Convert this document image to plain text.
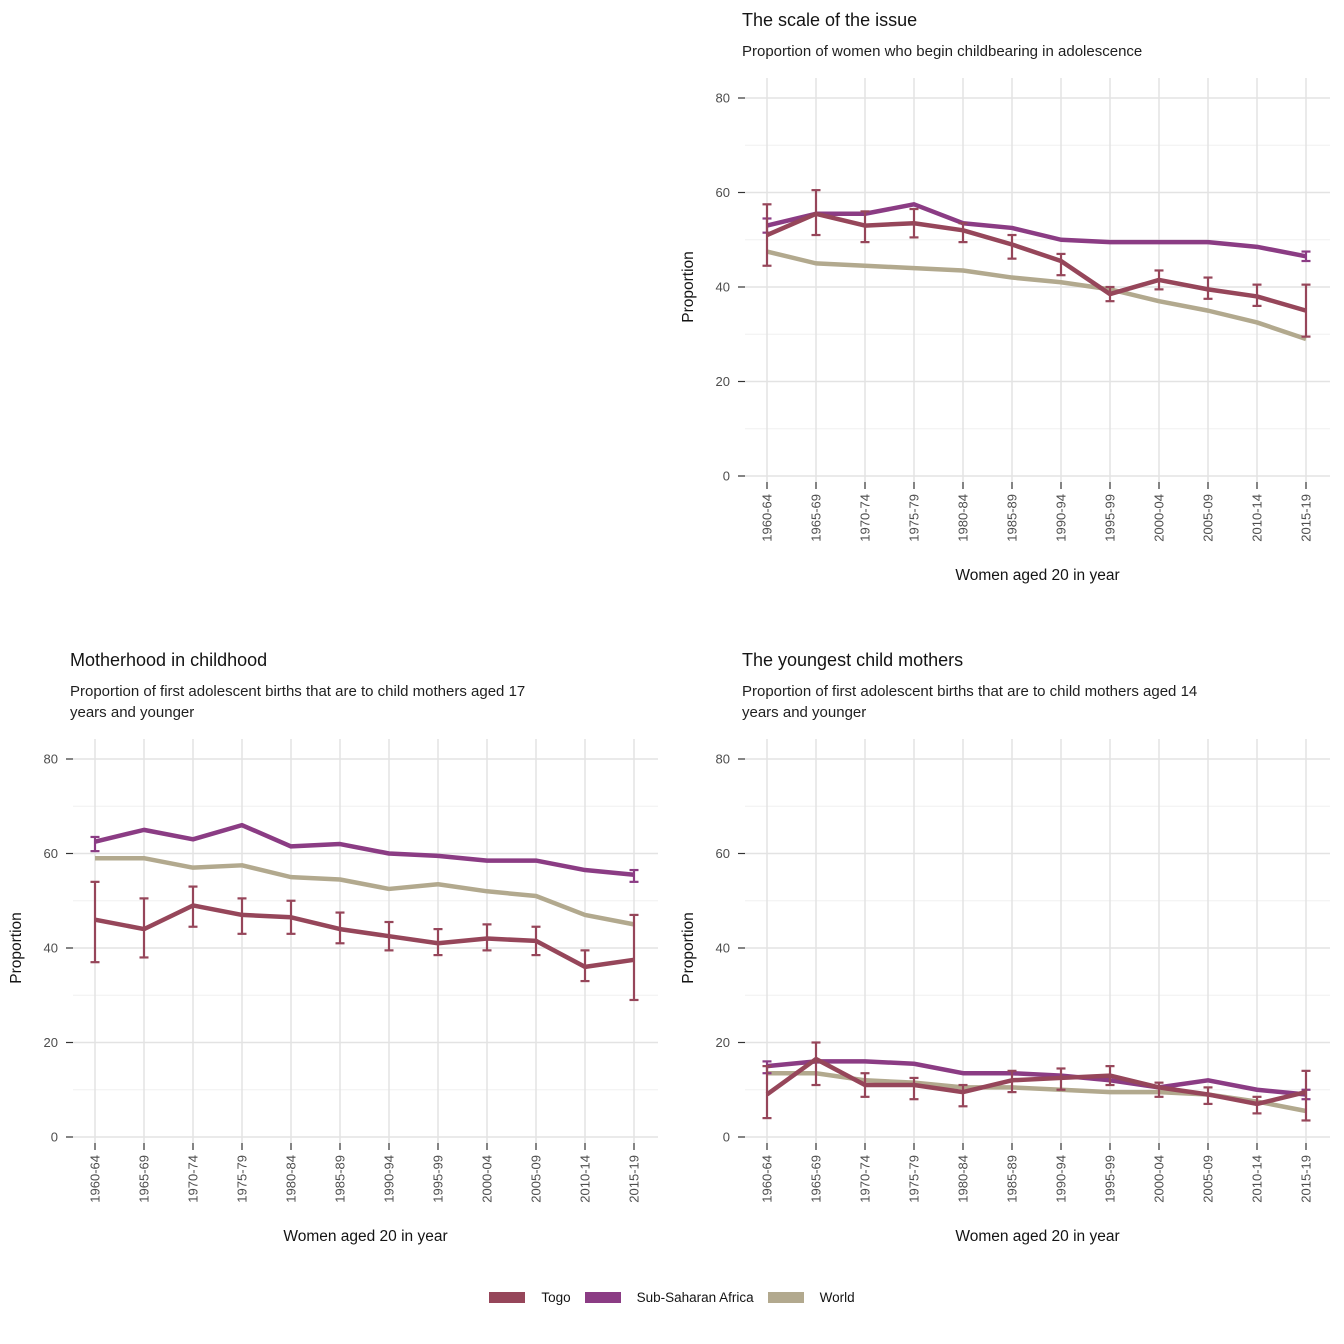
The scale of the issue
Proportion of women who begin childbearing in adolescence
0
20
40
60
80
1960-64	1965-69	1970-74	1975-79	1980-84	1985-89	1990-94	1995-99	2000-04	2005-09	2010-14	2015-19
Women aged 20 in year
Proportion
Motherhood in childhood
Proportion of first adolescent births that are to child mothers aged 17 years and younger
0
20
40
60
80
1960-64	1965-69	1970-74	1975-79	1980-84	1985-89	1990-94	1995-99	2000-04	2005-09	2010-14	2015-19
Women aged 20 in year
Proportion
The youngest child mothers
Proportion of first adolescent births that are to child mothers aged 14 years and younger
0
20
40
60
80
1960-64	1965-69	1970-74	1975-79	1980-84	1985-89	1990-94	1995-99	2000-04	2005-09	2010-14	2015-19
Women aged 20 in year
Proportion
Togo	Sub-Saharan Africa	World
